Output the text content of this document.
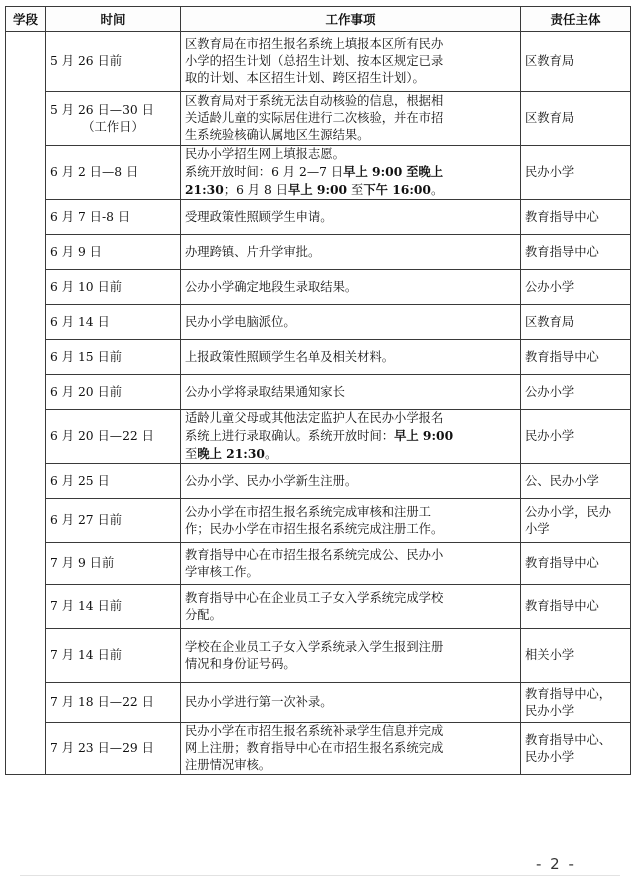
学段	时间	工作事项	责任主体

	5 月 26 日前	区教育局在市招生报名系统上填报本区所有民办
小学的招生计划（总招生计划、按本区规定已录
取的计划、本区招生计划、跨区招生计划）。	区教育局

	5 月 26 日—30 日
（工作日）	区教育局对于系统无法自动核验的信息，根据相
关适龄儿童的实际居住进行二次核验，并在市招
生系统验核确认属地区生源结果。	区教育局

	6 月 2 日—8 日	民办小学招生网上填报志愿。
系统开放时间：6 月 2—7 日早上 9:00 至晚上
21:30；6 月 8 日早上 9:00 至下午 16:00。	民办小学

	6 月 7 日-8 日	受理政策性照顾学生申请。	教育指导中心

	6 月 9 日	办理跨镇、片升学审批。	教育指导中心

	6 月 10 日前	公办小学确定地段生录取结果。	公办小学

	6 月 14 日	民办小学电脑派位。	区教育局

	6 月 15 日前	上报政策性照顾学生名单及相关材料。	教育指导中心

	6 月 20 日前	公办小学将录取结果通知家长	公办小学

	6 月 20 日—22 日	适龄儿童父母或其他法定监护人在民办小学报名
系统上进行录取确认。系统开放时间：早上 9:00
至晚上 21:30。	民办小学

	6 月 25 日	公办小学、民办小学新生注册。	公、民办小学

	6 月 27 日前	公办小学在市招生报名系统完成审核和注册工
作；民办小学在市招生报名系统完成注册工作。	公办小学，民办
小学

	7 月 9 日前	教育指导中心在市招生报名系统完成公、民办小
学审核工作。	教育指导中心

	7 月 14 日前	教育指导中心在企业员工子女入学系统完成学校
分配。	教育指导中心

	7 月 14 日前	学校在企业员工子女入学系统录入学生报到注册
情况和身份证号码。	相关小学

	7 月 18 日—22 日	民办小学进行第一次补录。	教育指导中心，
民办小学

	7 月 23 日—29 日	民办小学在市招生报名系统补录学生信息并完成
网上注册；教育指导中心在市招生报名系统完成
注册情况审核。	教育指导中心、
民办小学
- 2 -
